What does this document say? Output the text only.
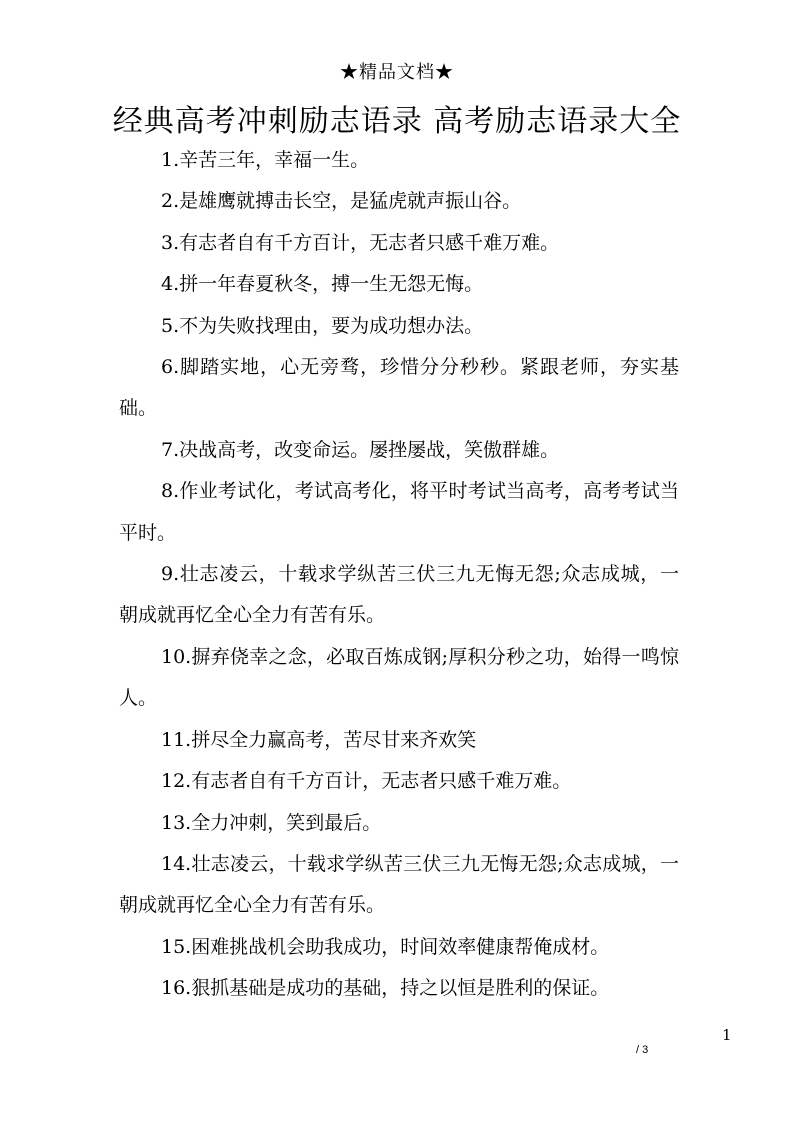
★精品文档★
经典高考冲刺励志语录 高考励志语录大全

1.辛苦三年，幸福一生。

2.是雄鹰就搏击长空，是猛虎就声振山谷。

3.有志者自有千方百计，无志者只感千难万难。

4.拼一年春夏秋冬，搏一生无怨无悔。

5.不为失败找理由，要为成功想办法。

6.脚踏实地，心无旁骛，珍惜分分秒秒。紧跟老师，夯实基础。

7.决战高考，改变命运。屡挫屡战，笑傲群雄。

8.作业考试化，考试高考化，将平时考试当高考，高考考试当平时。

9.壮志凌云，十载求学纵苦三伏三九无悔无怨;众志成城，一朝成就再忆全心全力有苦有乐。

10.摒弃侥幸之念，必取百炼成钢;厚积分秒之功，始得一鸣惊人。

11.拼尽全力赢高考，苦尽甘来齐欢笑

12.有志者自有千方百计，无志者只感千难万难。

13.全力冲刺，笑到最后。

14.壮志凌云，十载求学纵苦三伏三九无悔无怨;众志成城，一朝成就再忆全心全力有苦有乐。

15.困难挑战机会助我成功，时间效率健康帮俺成材。

16.狠抓基础是成功的基础，持之以恒是胜利的保证。

1
/ 3
